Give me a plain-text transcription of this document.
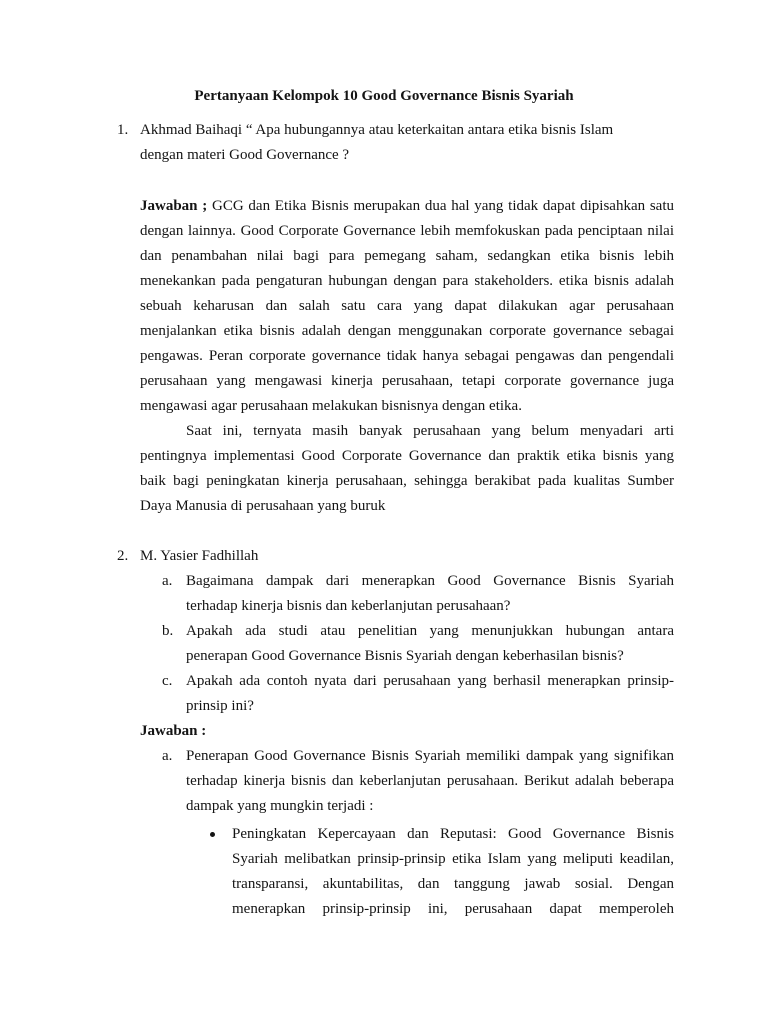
Pertanyaan Kelompok 10 Good Governance Bisnis Syariah
1. Akhmad Baihaqi “ Apa hubungannya atau keterkaitan antara etika bisnis Islam
dengan materi Good Governance ?
Jawaban ; GCG dan Etika Bisnis merupakan dua hal yang tidak dapat dipisahkan satu
dengan lainnya. Good Corporate Governance lebih memfokuskan pada penciptaan nilai
dan penambahan nilai bagi para pemegang saham, sedangkan etika bisnis lebih
menekankan pada pengaturan hubungan dengan para stakeholders. etika bisnis adalah
sebuah keharusan dan salah satu cara yang dapat dilakukan agar perusahaan
menjalankan etika bisnis adalah dengan menggunakan corporate governance sebagai
pengawas. Peran corporate governance tidak hanya sebagai pengawas dan pengendali
perusahaan yang mengawasi kinerja perusahaan, tetapi corporate governance juga
mengawasi agar perusahaan melakukan bisnisnya dengan etika.
Saat ini, ternyata masih banyak perusahaan yang belum menyadari arti
pentingnya implementasi Good Corporate Governance dan praktik etika bisnis yang
baik bagi peningkatan kinerja perusahaan, sehingga berakibat pada kualitas Sumber
Daya Manusia di perusahaan yang buruk
2. M. Yasier Fadhillah
a. Bagaimana dampak dari menerapkan Good Governance Bisnis Syariah
terhadap kinerja bisnis dan keberlanjutan perusahaan?
b. Apakah ada studi atau penelitian yang menunjukkan hubungan antara
penerapan Good Governance Bisnis Syariah dengan keberhasilan bisnis?
c. Apakah ada contoh nyata dari perusahaan yang berhasil menerapkan prinsip-
prinsip ini?
Jawaban :
a. Penerapan Good Governance Bisnis Syariah memiliki dampak yang signifikan
terhadap kinerja bisnis dan keberlanjutan perusahaan. Berikut adalah beberapa
dampak yang mungkin terjadi :
Peningkatan Kepercayaan dan Reputasi: Good Governance Bisnis
Syariah melibatkan prinsip-prinsip etika Islam yang meliputi keadilan,
transparansi, akuntabilitas, dan tanggung jawab sosial. Dengan
menerapkan prinsip-prinsip ini, perusahaan dapat memperoleh
